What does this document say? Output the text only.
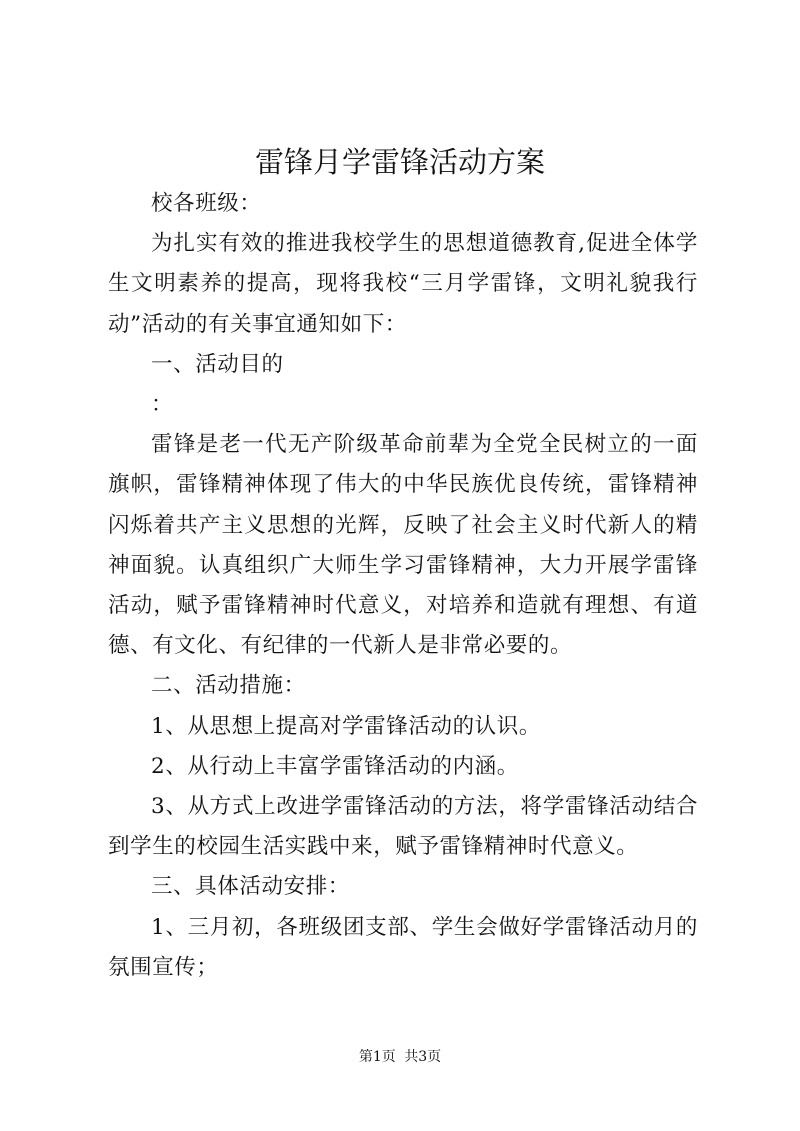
雷锋月学雷锋活动方案

校各班级：

为扎实有效的推进我校学生的思想道德教育,促进全体学生文明素养的提高，现将我校“三月学雷锋，文明礼貌我行动”活动的有关事宜通知如下：

一、活动目的

：

雷锋是老一代无产阶级革命前辈为全党全民树立的一面旗帜，雷锋精神体现了伟大的中华民族优良传统，雷锋精神闪烁着共产主义思想的光辉，反映了社会主义时代新人的精神面貌。认真组织广大师生学习雷锋精神，大力开展学雷锋活动，赋予雷锋精神时代意义，对培养和造就有理想、有道德、有文化、有纪律的一代新人是非常必要的。

二、活动措施：

1、从思想上提高对学雷锋活动的认识。

2、从行动上丰富学雷锋活动的内涵。

3、从方式上改进学雷锋活动的方法，将学雷锋活动结合到学生的校园生活实践中来，赋予雷锋精神时代意义。

三、具体活动安排：

1、三月初，各班级团支部、学生会做好学雷锋活动月的氛围宣传；

第1页 共3页
